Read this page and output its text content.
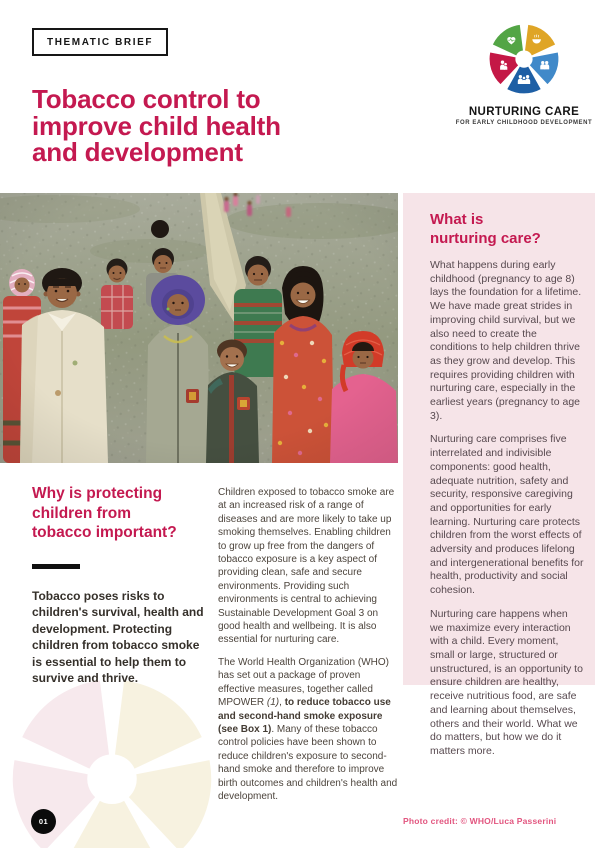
THEMATIC BRIEF
NURTURING CARE
FOR EARLY CHILDHOOD DEVELOPMENT
Tobacco control to
improve child health
and development
What is
nurturing care?

What happens during early childhood (pregnancy to age 8) lays the foundation for a lifetime. We have made great strides in improving child survival, but we also need to create the conditions to help children thrive as they grow and develop. This requires providing children with nurturing care, especially in the earliest years (pregnancy to age 3).

Nurturing care comprises five interrelated and indivisible components: good health, adequate nutrition, safety and security, responsive caregiving and opportunities for early learning. Nurturing care protects children from the worst effects of adversity and produces lifelong and intergenerational benefits for health, productivity and social cohesion.

Nurturing care happens when we maximize every interaction with a child. Every moment, small or large, structured or unstructured, is an opportunity to ensure children are healthy, receive nutritious food, are safe and learning about themselves, others and their world. What we do matters, but how we do it matters more.

Why is protecting
children from
tobacco important?

Tobacco poses risks to children's survival, health and development. Protecting children from tobacco smoke is essential to help them to survive and thrive.

Children exposed to tobacco smoke are at an increased risk of a range of diseases and are more likely to take up smoking themselves. Enabling children to grow up free from the dangers of tobacco exposure is a key aspect of providing clean, safe and secure environments. Providing such environments is central to achieving Sustainable Development Goal 3 on good health and wellbeing. It is also essential for nurturing care.

The World Health Organization (WHO) has set out a package of proven effective measures, together called MPOWER (1), to reduce tobacco use and second-hand smoke exposure (see Box 1). Many of these tobacco control policies have been shown to reduce children's exposure to second-hand smoke and therefore to improve birth outcomes and children's health and development.

01	Photo credit: © WHO/Luca Passerini
